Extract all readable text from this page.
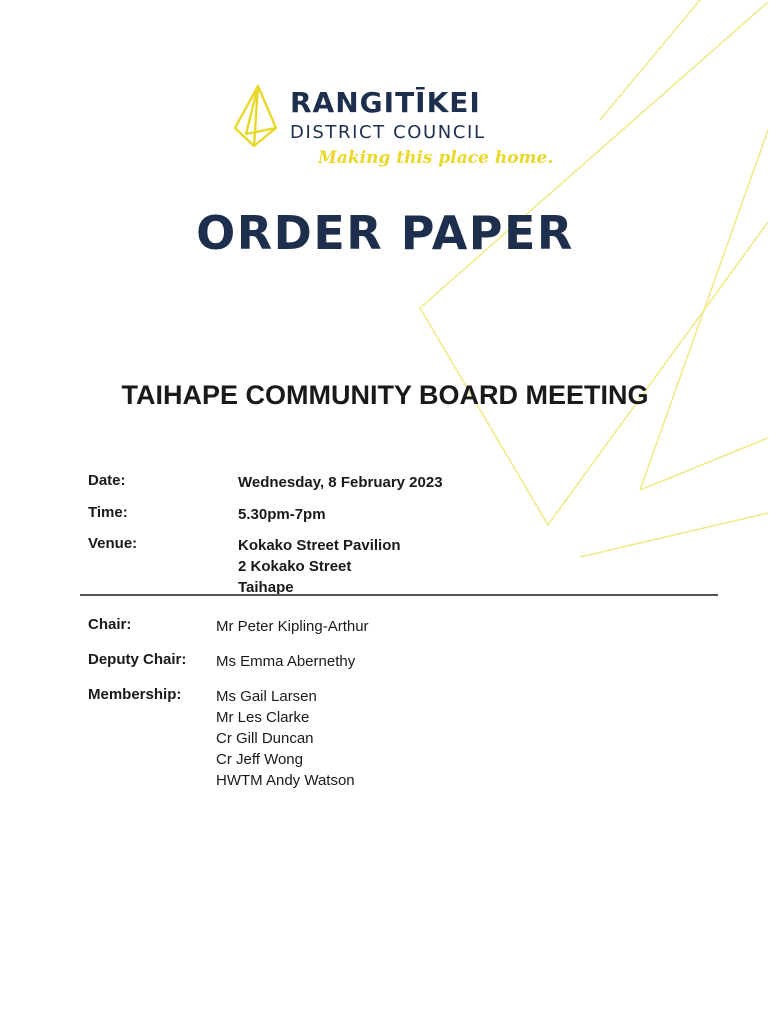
RANGITĪKEI
DISTRICT COUNCIL
Making this place home.
ORDER PAPER
TAIHAPE COMMUNITY BOARD MEETING
Date:	Wednesday, 8 February 2023
Time:	5.30pm-7pm
Venue:	Kokako Street Pavilion
2 Kokako Street
Taihape
Chair:	Mr Peter Kipling-Arthur
Deputy Chair: Ms Emma Abernethy
Membership: Ms Gail Larsen
Mr Les Clarke
Cr Gill Duncan
Cr Jeff Wong
HWTM Andy Watson
